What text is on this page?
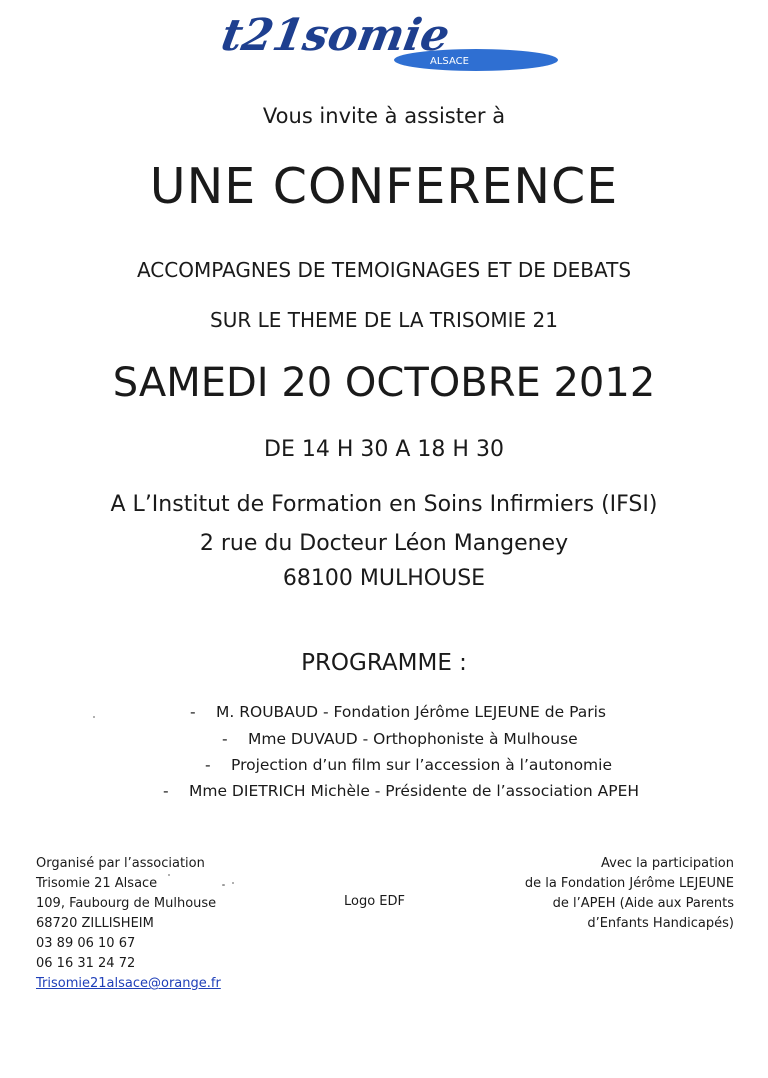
ALSACE
t21somie
Vous invite à assister à
UNE CONFERENCE
ACCOMPAGNES DE TEMOIGNAGES ET DE DEBATS
SUR LE THEME DE LA TRISOMIE 21
SAMEDI 20 OCTOBRE 2012
DE 14 H 30 A 18 H 30
A L’Institut de Formation en Soins Infirmiers (IFSI)
2 rue du Docteur Léon Mangeney
68100 MULHOUSE
PROGRAMME :
- M. ROUBAUD - Fondation Jérôme LEJEUNE de Paris
- Mme DUVAUD - Orthophoniste à Mulhouse
- Projection d’un film sur l’accession à l’autonomie
- Mme DIETRICH Michèle - Présidente de l’association APEH
Organisé par l’association
Trisomie 21 Alsace
109, Faubourg de Mulhouse
68720 ZILLISHEIM
03 89 06 10 67
06 16 31 24 72
Trisomie21alsace@orange.fr
Logo EDF
Avec la participation
de la Fondation Jérôme LEJEUNE
de l’APEH (Aide aux Parents
d’Enfants Handicapés)
